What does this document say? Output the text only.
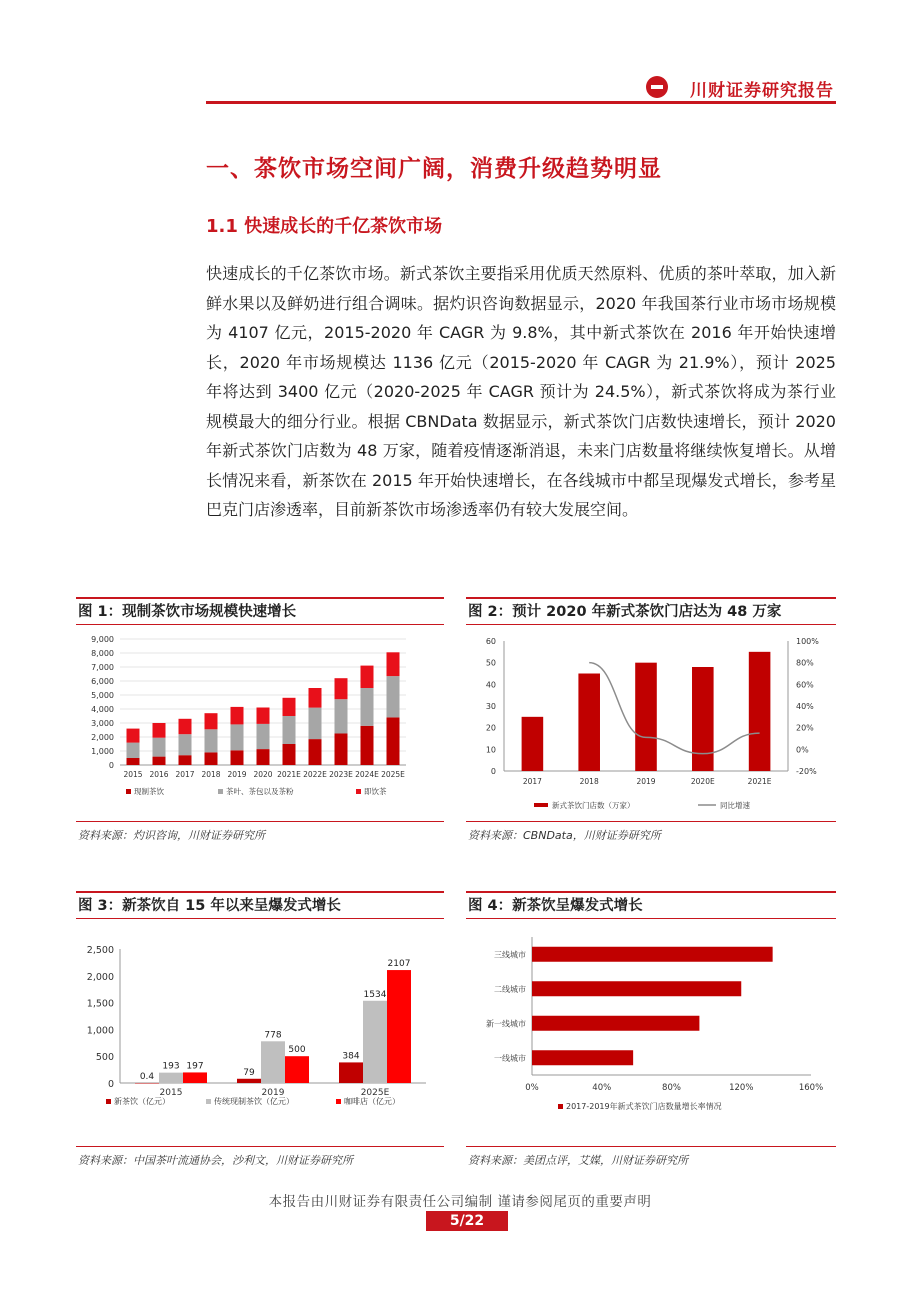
川财证券研究报告
一、茶饮市场空间广阔，消费升级趋势明显
1.1 快速成长的千亿茶饮市场
快速成长的千亿茶饮市场。新式茶饮主要指采用优质天然原料、优质的茶叶萃取，加入新鲜水果以及鲜奶进行组合调味。据灼识咨询数据显示，2020 年我国茶行业市场市场规模为 4107 亿元，2015-2020 年 CAGR 为 9.8%，其中新式茶饮在 2016 年开始快速增长，2020 年市场规模达 1136 亿元（2015-2020 年 CAGR 为 21.9%），预计 2025 年将达到 3400 亿元（2020-2025 年 CAGR 预计为 24.5%），新式茶饮将成为茶行业规模最大的细分行业。根据 CBNData 数据显示，新式茶饮门店数快速增长，预计 2020 年新式茶饮门店数为 48 万家，随着疫情逐渐消退，未来门店数量将继续恢复增长。从增长情况来看，新茶饮在 2015 年开始快速增长，在各线城市中都呈现爆发式增长，参考星巴克门店渗透率，目前新茶饮市场渗透率仍有较大发展空间。
图 1：现制茶饮市场规模快速增长
0
1,000
2,000
3,000
4,000
5,000
6,000
7,000
8,000
9,000
2015 2016 2017 2018 2019 2020 2021E 2022E 2023E 2024E 2025E
现制茶饮	茶叶、茶包以及茶粉	即饮茶
资料来源：灼识咨询，川财证券研究所
图 2：预计 2020 年新式茶饮门店达为 48 万家
0
10
20
30
40
50
60
-20%
0%
20%
40%
60%
80%
100%
2017	2018	2019	2020E	2021E
新式茶饮门店数（万家）	同比增速
资料来源：CBNData，川财证券研究所
图 3：新茶饮自 15 年以来呈爆发式增长
0
500
1,000
1,500
2,000
2,500
0.4
193 197
2015
79
778
500
2019
384
1534
2107
2025E
新茶饮（亿元）	传统现制茶饮（亿元）	咖啡店（亿元）
资料来源：中国茶叶流通协会，沙利文，川财证券研究所
图 4：新茶饮呈爆发式增长
0%	40%	80%	120%	160%
三线城市
二线城市
新一线城市
一线城市
2017-2019年新式茶饮门店数量增长率情况
资料来源：美团点评，艾媒，川财证券研究所
本报告由川财证券有限责任公司编制 谨请参阅尾页的重要声明
5/22
